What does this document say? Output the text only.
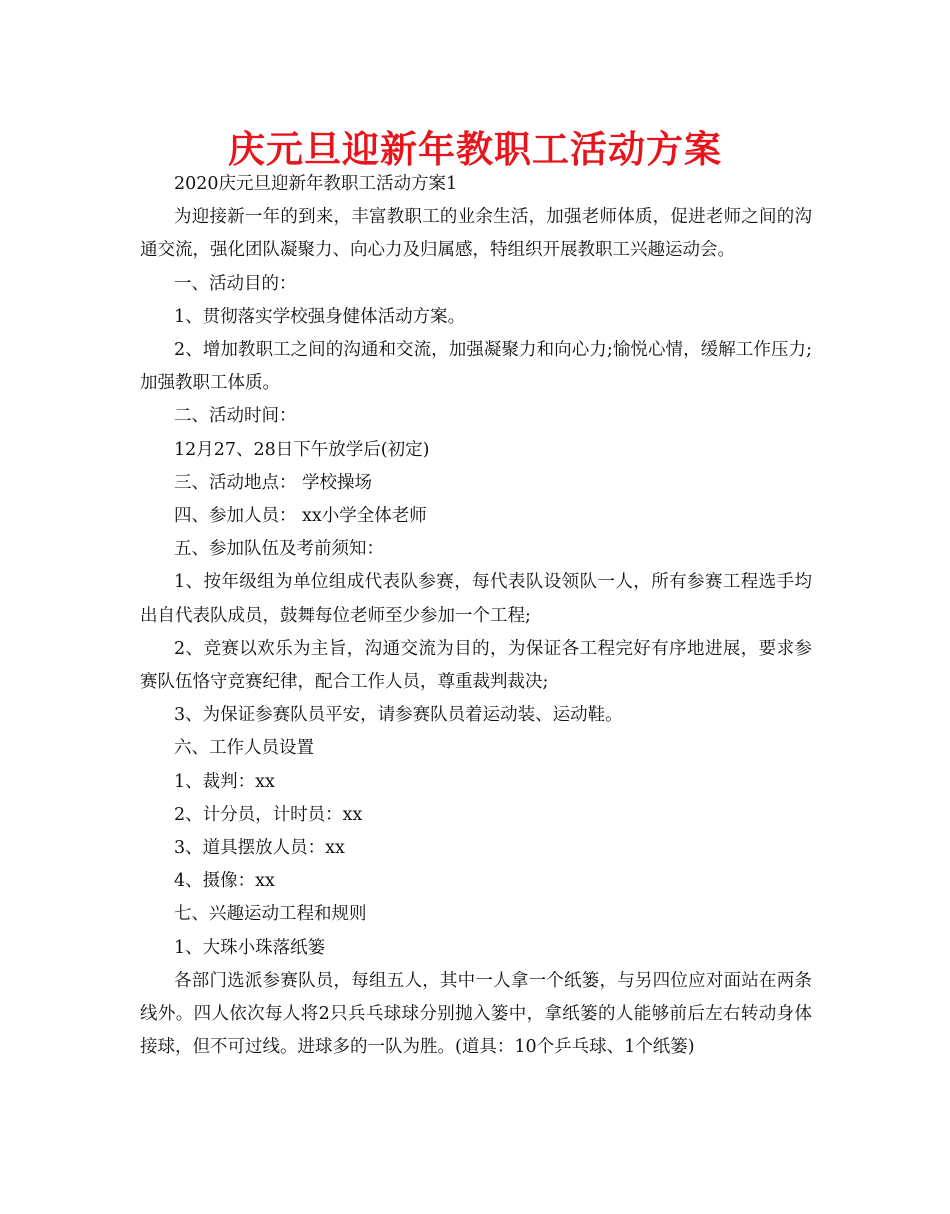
庆元旦迎新年教职工活动方案

2020庆元旦迎新年教职工活动方案1

为迎接新一年的到来，丰富教职工的业余生活，加强老师体质，促进老师之间的沟通交流，强化团队凝聚力、向心力及归属感，特组织开展教职工兴趣运动会。

一、活动目的：

1、贯彻落实学校强身健体活动方案。

2、增加教职工之间的沟通和交流，加强凝聚力和向心力;愉悦心情，缓解工作压力;加强教职工体质。

二、活动时间：

12月27、28日下午放学后(初定)

三、活动地点： 学校操场

四、参加人员： xx小学全体老师

五、参加队伍及考前须知：

1、按年级组为单位组成代表队参赛，每代表队设领队一人，所有参赛工程选手均出自代表队成员，鼓舞每位老师至少参加一个工程;

2、竞赛以欢乐为主旨，沟通交流为目的，为保证各工程完好有序地进展，要求参赛队伍恪守竞赛纪律，配合工作人员，尊重裁判裁决;

3、为保证参赛队员平安，请参赛队员着运动装、运动鞋。

六、工作人员设置

1、裁判：xx

2、计分员，计时员：xx

3、道具摆放人员：xx

4、摄像：xx

七、兴趣运动工程和规则

1、大珠小珠落纸篓

各部门选派参赛队员，每组五人，其中一人拿一个纸篓，与另四位应对面站在两条线外。四人依次每人将2只兵乓球球分别抛入篓中，拿纸篓的人能够前后左右转动身体接球，但不可过线。进球多的一队为胜。(道具：10个乒乓球、1个纸篓)
